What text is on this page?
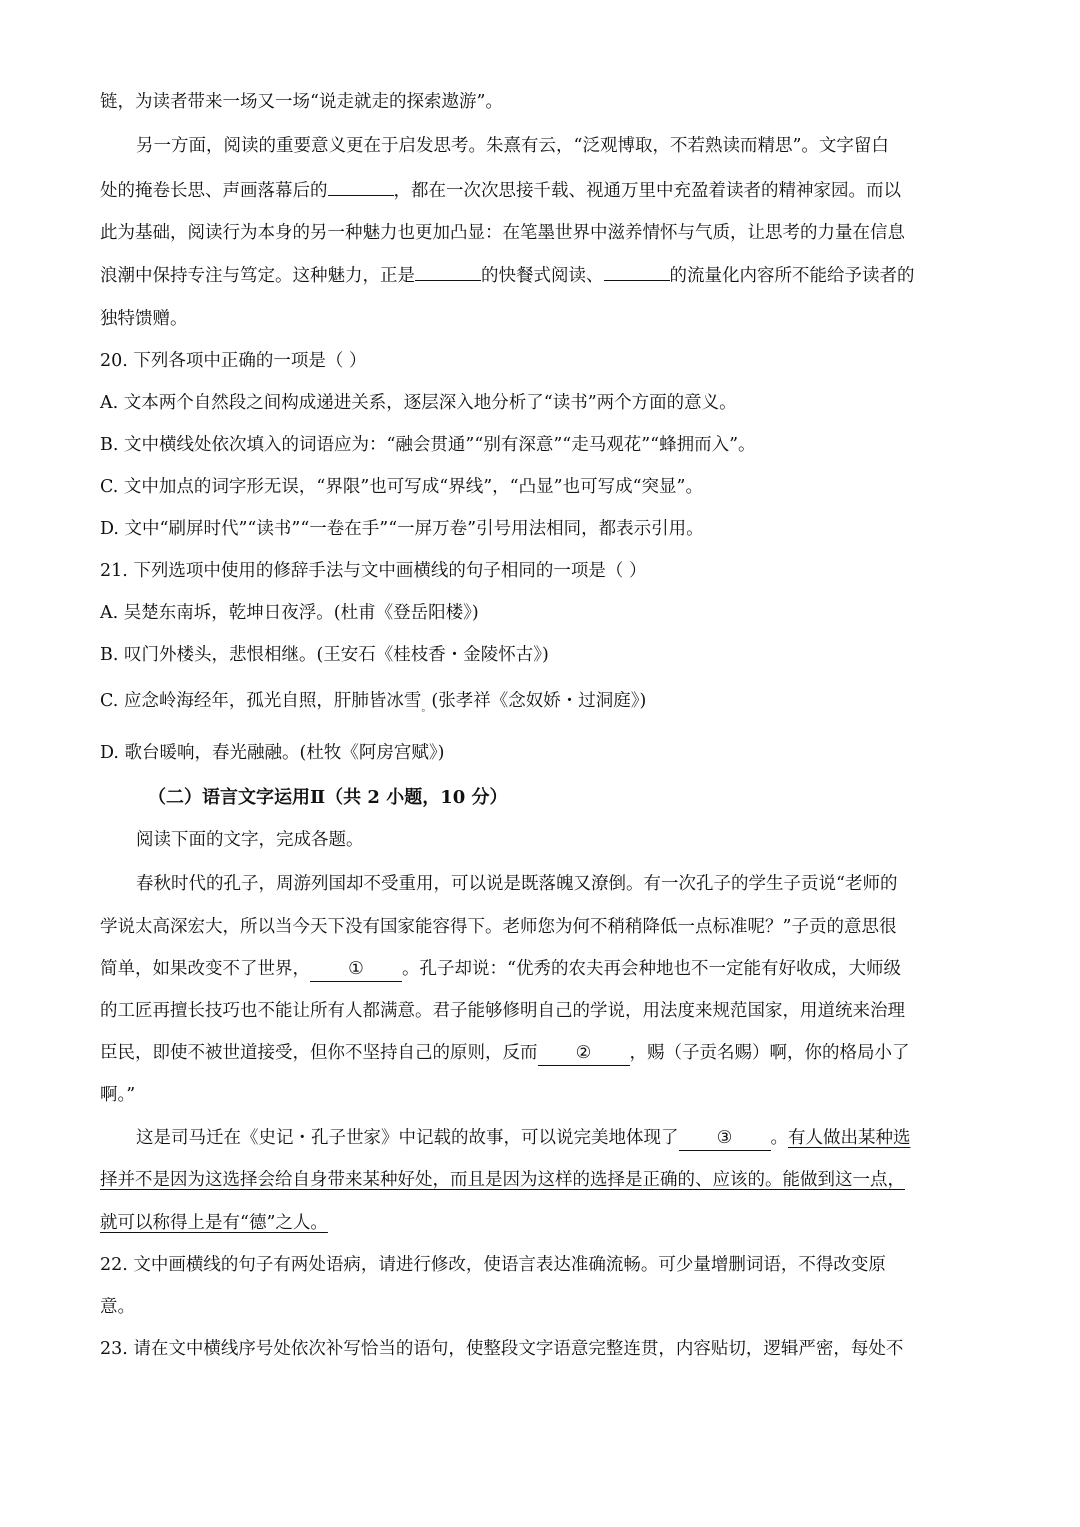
链，为读者带来一场又一场“说走就走的探索遨游”。
另一方面，阅读的重要意义更在于启发思考。朱熹有云，“泛观博取，不若熟读而精思”。文字留白
处的掩卷长思、声画落幕后的	，都在一次次思接千载、视通万里中充盈着读者的精神家园。而以
此为基础，阅读行为本身的另一种魅力也更加凸显：在笔墨世界中滋养情怀与气质，让思考的力量在信息
浪潮中保持专注与笃定。这种魅力，正是	的快餐式阅读、	的流量化内容所不能给予读者的
独特馈赠。
20. 下列各项中正确的一项是（ ）
A. 文本两个自然段之间构成递进关系，逐层深入地分析了“读书”两个方面的意义。
B. 文中横线处依次填入的词语应为：“融会贯通”“别有深意”“走马观花”“蜂拥而入”。
C. 文中加点的词字形无误，“界限”也可写成“界线”，“凸显”也可写成“突显”。
D. 文中“刷屏时代”“读书”“一卷在手”“一屏万卷”引号用法相同，都表示引用。
21. 下列选项中使用的修辞手法与文中画横线的句子相同的一项是（ ）
A. 吴楚东南坼，乾坤日夜浮。(杜甫《登岳阳楼》)
B. 叹门外楼头，悲恨相继。(王安石《桂枝香・金陵怀古》)
C. 应念岭海经年，孤光自照，肝肺皆冰雪$_。$(张孝祥《念奴娇・过洞庭》)
D. 歌台暖响，春光融融。(杜牧《阿房宫赋》)
（二）语言文字运用Ⅱ（共 2 小题，10 分）
阅读下面的文字，完成各题。
春秋时代的孔子，周游列国却不受重用，可以说是既落魄又潦倒。有一次孔子的学生子贡说“老师的
学说太高深宏大，所以当今天下没有国家能容得下。老师您为何不稍稍降低一点标准呢？”子贡的意思很
简单，如果改变不了世界， ① 。孔子却说：“优秀的农夫再会种地也不一定能有好收成，大师级
的工匠再擅长技巧也不能让所有人都满意。君子能够修明自己的学说，用法度来规范国家，用道统来治理
臣民，即使不被世道接受，但你不坚持自己的原则，反而 ② ，赐（子贡名赐）啊，你的格局小了
啊。”
这是司马迁在《史记・孔子世家》中记载的故事，可以说完美地体现了 ③ 。有人做出某种选
择并不是因为这选择会给自身带来某种好处，而且是因为这样的选择是正确的、应该的。能做到这一点，
就可以称得上是有“德”之人。
22. 文中画横线的句子有两处语病，请进行修改，使语言表达准确流畅。可少量增删词语，不得改变原
意。
23. 请在文中横线序号处依次补写恰当的语句，使整段文字语意完整连贯，内容贴切，逻辑严密，每处不
